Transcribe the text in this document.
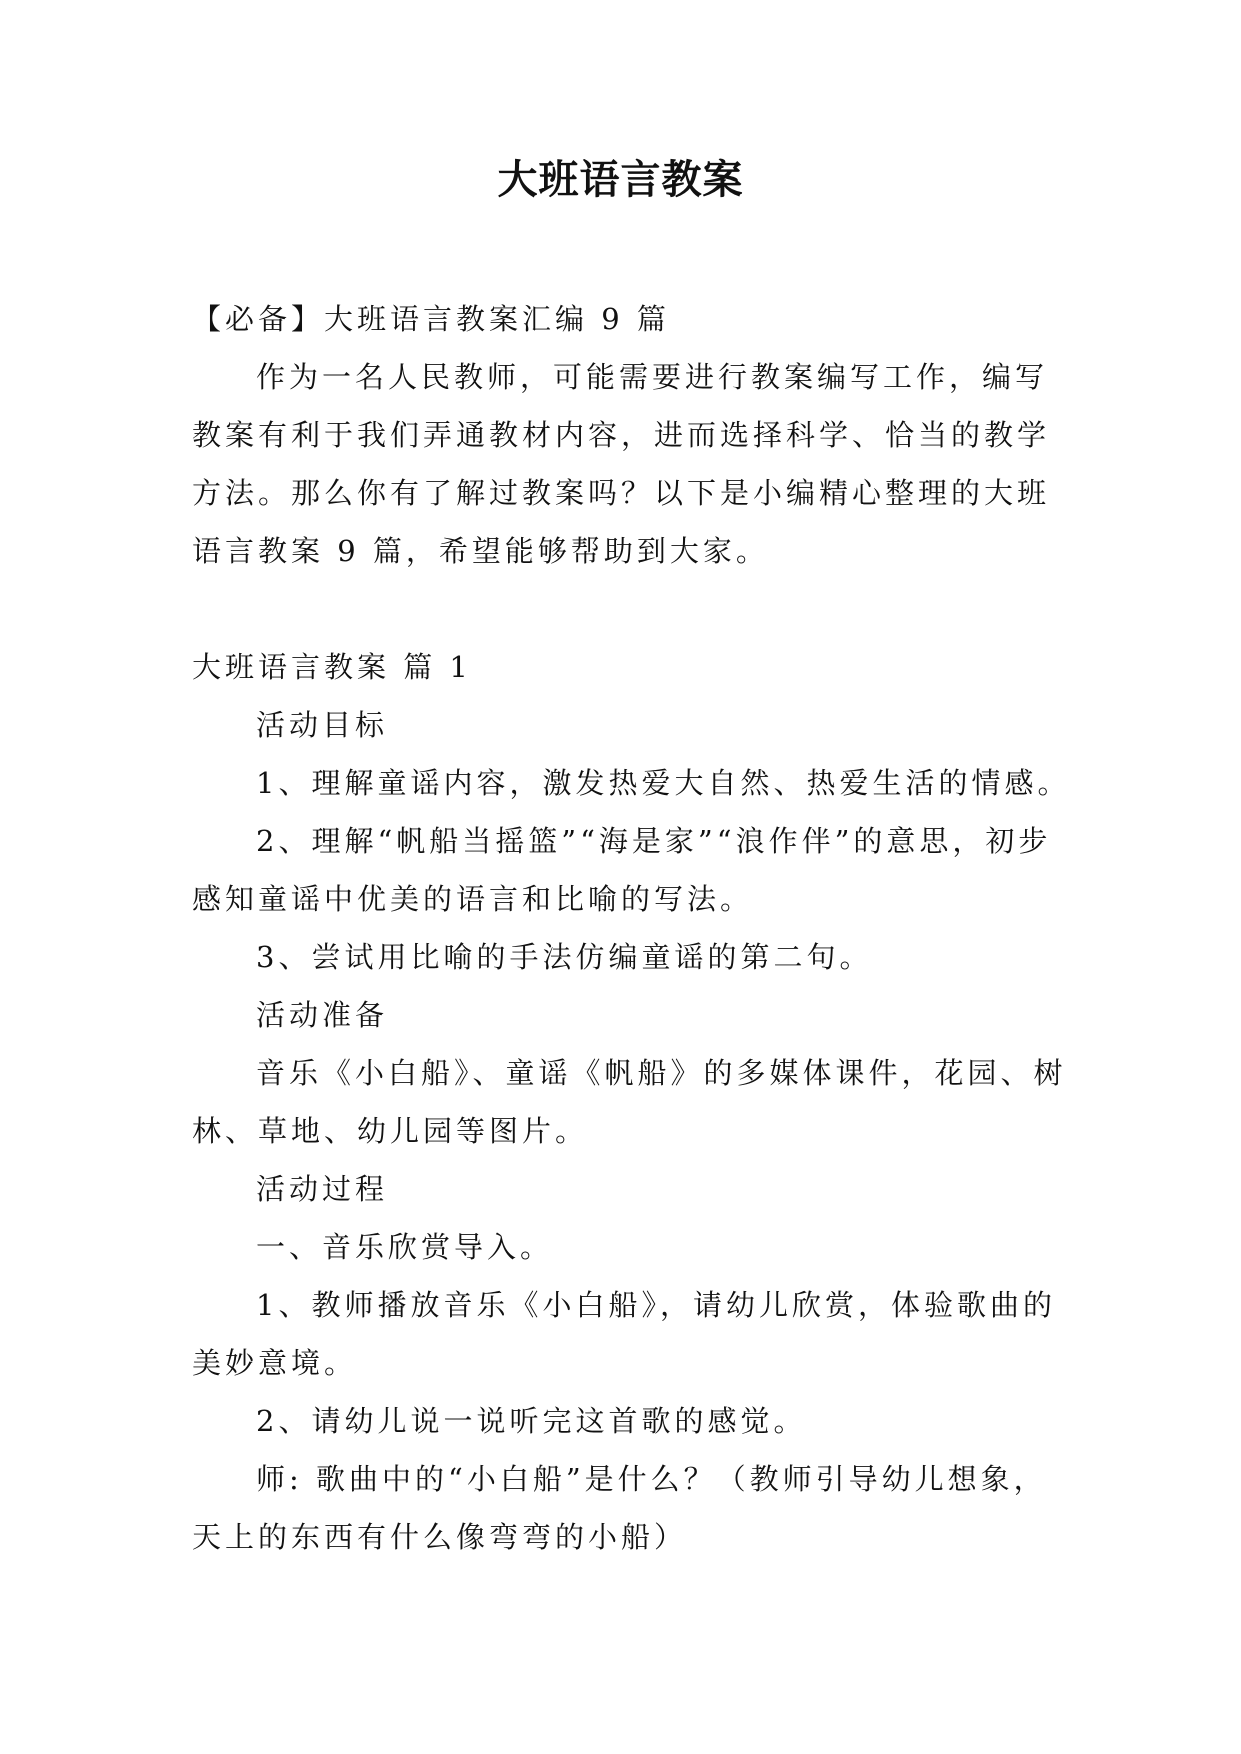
大班语言教案

【必备】大班语言教案汇编 9 篇

作为一名人民教师，可能需要进行教案编写工作，编写教案有利于我们弄通教材内容，进而选择科学、恰当的教学方法。那么你有了解过教案吗？以下是小编精心整理的大班语言教案 9 篇，希望能够帮助到大家。

大班语言教案 篇 1

活动目标

1、理解童谣内容，激发热爱大自然、热爱生活的情感。

2、理解“帆船当摇篮”“海是家”“浪作伴”的意思，初步感知童谣中优美的语言和比喻的写法。

3、尝试用比喻的手法仿编童谣的第二句。

活动准备

音乐《小白船》、童谣《帆船》的多媒体课件，花园、树林、草地、幼儿园等图片。

活动过程

一、音乐欣赏导入。

1、教师播放音乐《小白船》，请幼儿欣赏，体验歌曲的美妙意境。

2、请幼儿说一说听完这首歌的感觉。

师: 歌曲中的“小白船”是什么？（教师引导幼儿想象，天上的东西有什么像弯弯的小船）
